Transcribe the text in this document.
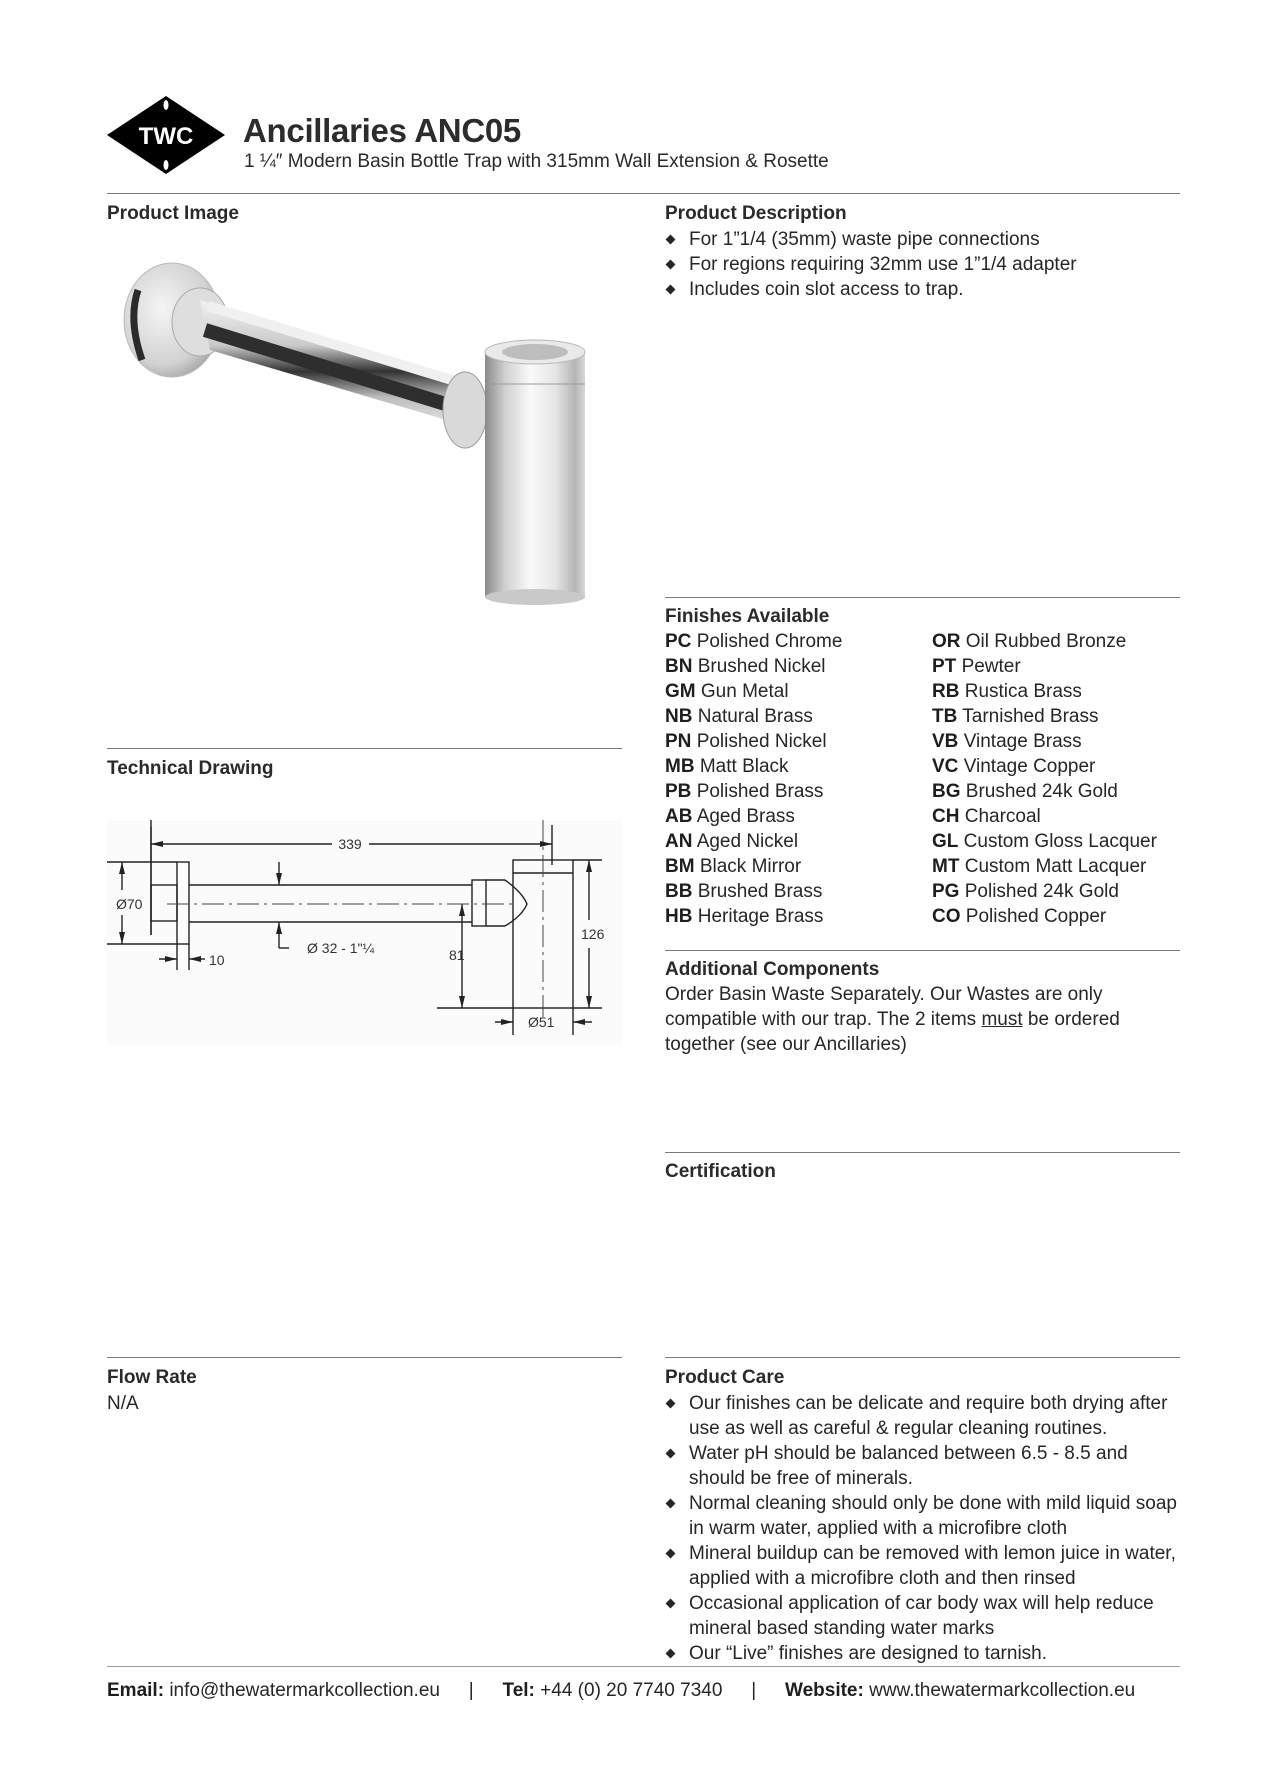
TWC Ancillaries ANC05
1 ¼″ Modern Basin Bottle Trap with 315mm Wall Extension & Rosette
Product Image
Technical Drawing
339
Ø70
10
Ø 32 - 1"¼	81
126
Ø51
Flow Rate
N/A
Product Description
For 1”1/4 (35mm) waste pipe connections
For regions requiring 32mm use 1”1/4 adapter
Includes coin slot access to trap.
Finishes Available
PC Polished Chrome
BN Brushed Nickel
GM Gun Metal
NB Natural Brass
PN Polished Nickel
MB Matt Black
PB Polished Brass
AB Aged Brass
AN Aged Nickel
BM Black Mirror
BB Brushed Brass
HB Heritage Brass
OR Oil Rubbed Bronze
PT Pewter
RB Rustica Brass
TB Tarnished Brass
VB Vintage Brass
VC Vintage Copper
BG Brushed 24k Gold
CH Charcoal
GL Custom Gloss Lacquer
MT Custom Matt Lacquer
PG Polished 24k Gold
CO Polished Copper
Additional Components
Order Basin Waste Separately. Our Wastes are only compatible with our trap. The 2 items must be ordered together (see our Ancillaries)
Certification
Product Care
Our finishes can be delicate and require both drying after use as well as careful & regular cleaning routines.
Water pH should be balanced between 6.5 - 8.5 and should be free of minerals.
Normal cleaning should only be done with mild liquid soap in warm water, applied with a microfibre cloth
Mineral buildup can be removed with lemon juice in water, applied with a microfibre cloth and then rinsed
Occasional application of car body wax will help reduce mineral based standing water marks
Our “Live” finishes are designed to tarnish.
Email: info@thewatermarkcollection.eu | Tel: +44 (0) 20 7740 7340 | Website: www.thewatermarkcollection.eu
